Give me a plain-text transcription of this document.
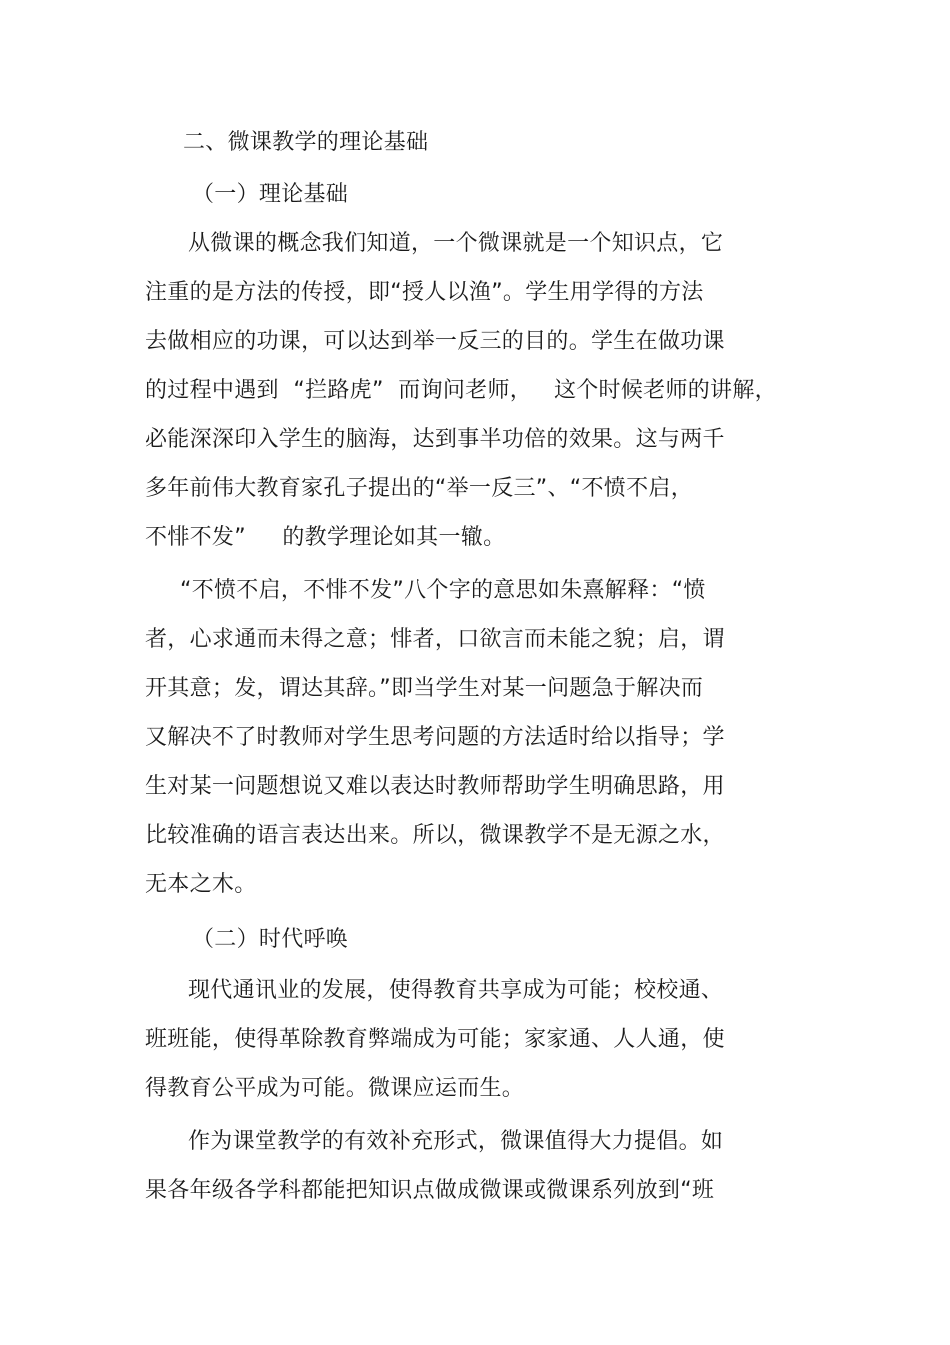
二、微课教学的理论基础
（一）理论基础
从微课的概念我们知道，一个微课就是一个知识点，它
注重的是方法的传授，即“授人以渔”。学生用学得的方法
去做相应的功课，可以达到举一反三的目的。学生在做功课
的过程中遇到  “拦路虎”  而询问老师，   这个时候老师的讲解，
必能深深印入学生的脑海，达到事半功倍的效果。这与两千
多年前伟大教育家孔子提出的“举一反三”、“不愤不启，
不悱不发”     的教学理论如其一辙。
“不愤不启，不悱不发”八个字的意思如朱熹解释：“愤
者，心求通而未得之意；悱者，口欲言而未能之貌；启，谓
开其意；发，谓达其辞。”即当学生对某一问题急于解决而
又解决不了时教师对学生思考问题的方法适时给以指导；学
生对某一问题想说又难以表达时教师帮助学生明确思路，用
比较准确的语言表达出来。所以，微课教学不是无源之水，
无本之木。
（二）时代呼唤
现代通讯业的发展，使得教育共享成为可能；校校通、
班班能，使得革除教育弊端成为可能；家家通、人人通，使
得教育公平成为可能。微课应运而生。
作为课堂教学的有效补充形式，微课值得大力提倡。如
果各年级各学科都能把知识点做成微课或微课系列放到“班
